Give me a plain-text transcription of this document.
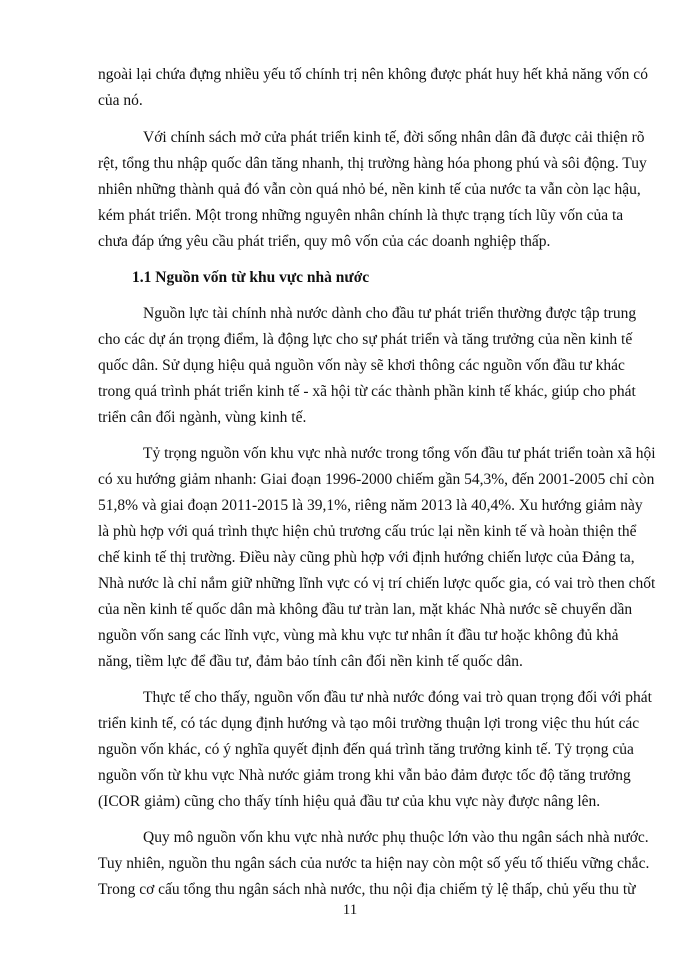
ngoài lại chứa đựng nhiều yếu tố chính trị nên không được phát huy hết khả năng vốn có
của nó.
Với chính sách mở cửa phát triển kinh tế, đời sống nhân dân đã được cải thiện rõ
rệt, tổng thu nhập quốc dân tăng nhanh, thị trường hàng hóa phong phú và sôi động. Tuy
nhiên những thành quả đó vẫn còn quá nhỏ bé, nền kinh tế của nước ta vẫn còn lạc hậu,
kém phát triển. Một trong những nguyên nhân chính là thực trạng tích lũy vốn của ta
chưa đáp ứng yêu cầu phát triển, quy mô vốn của các doanh nghiệp thấp.
1.1 Nguồn vốn từ khu vực nhà nước
Nguồn lực tài chính nhà nước dành cho đầu tư phát triển thường được tập trung
cho các dự án trọng điểm, là động lực cho sự phát triển và tăng trưởng của nền kinh tế
quốc dân. Sử dụng hiệu quả nguồn vốn này sẽ khơi thông các nguồn vốn đầu tư khác
trong quá trình phát triển kinh tế - xã hội từ các thành phần kinh tế khác, giúp cho phát
triển cân đối ngành, vùng kinh tế.
Tỷ trọng nguồn vốn khu vực nhà nước trong tổng vốn đầu tư phát triển toàn xã hội
có xu hướng giảm nhanh: Giai đoạn 1996-2000 chiếm gần 54,3%, đến 2001-2005 chỉ còn
51,8% và giai đoạn 2011-2015 là 39,1%, riêng năm 2013 là 40,4%. Xu hướng giảm này
là phù hợp với quá trình thực hiện chủ trương cấu trúc lại nền kinh tế và hoàn thiện thể
chế kinh tế thị trường. Điều này cũng phù hợp với định hướng chiến lược của Đảng ta,
Nhà nước là chỉ nắm giữ những lĩnh vực có vị trí chiến lược quốc gia, có vai trò then chốt
của nền kinh tế quốc dân mà không đầu tư tràn lan, mặt khác Nhà nước sẽ chuyển dần
nguồn vốn sang các lĩnh vực, vùng mà khu vực tư nhân ít đầu tư hoặc không đủ khả
năng, tiềm lực để đầu tư, đảm bảo tính cân đối nền kinh tế quốc dân.
Thực tế cho thấy, nguồn vốn đầu tư nhà nước đóng vai trò quan trọng đối với phát
triển kinh tế, có tác dụng định hướng và tạo môi trường thuận lợi trong việc thu hút các
nguồn vốn khác, có ý nghĩa quyết định đến quá trình tăng trưởng kinh tế. Tỷ trọng của
nguồn vốn từ khu vực Nhà nước giảm trong khi vẫn bảo đảm được tốc độ tăng trưởng
(ICOR giảm) cũng cho thấy tính hiệu quả đầu tư của khu vực này được nâng lên.
Quy mô nguồn vốn khu vực nhà nước phụ thuộc lớn vào thu ngân sách nhà nước.
Tuy nhiên, nguồn thu ngân sách của nước ta hiện nay còn một số yếu tố thiếu vững chắc.
Trong cơ cấu tổng thu ngân sách nhà nước, thu nội địa chiếm tỷ lệ thấp, chủ yếu thu từ
11
